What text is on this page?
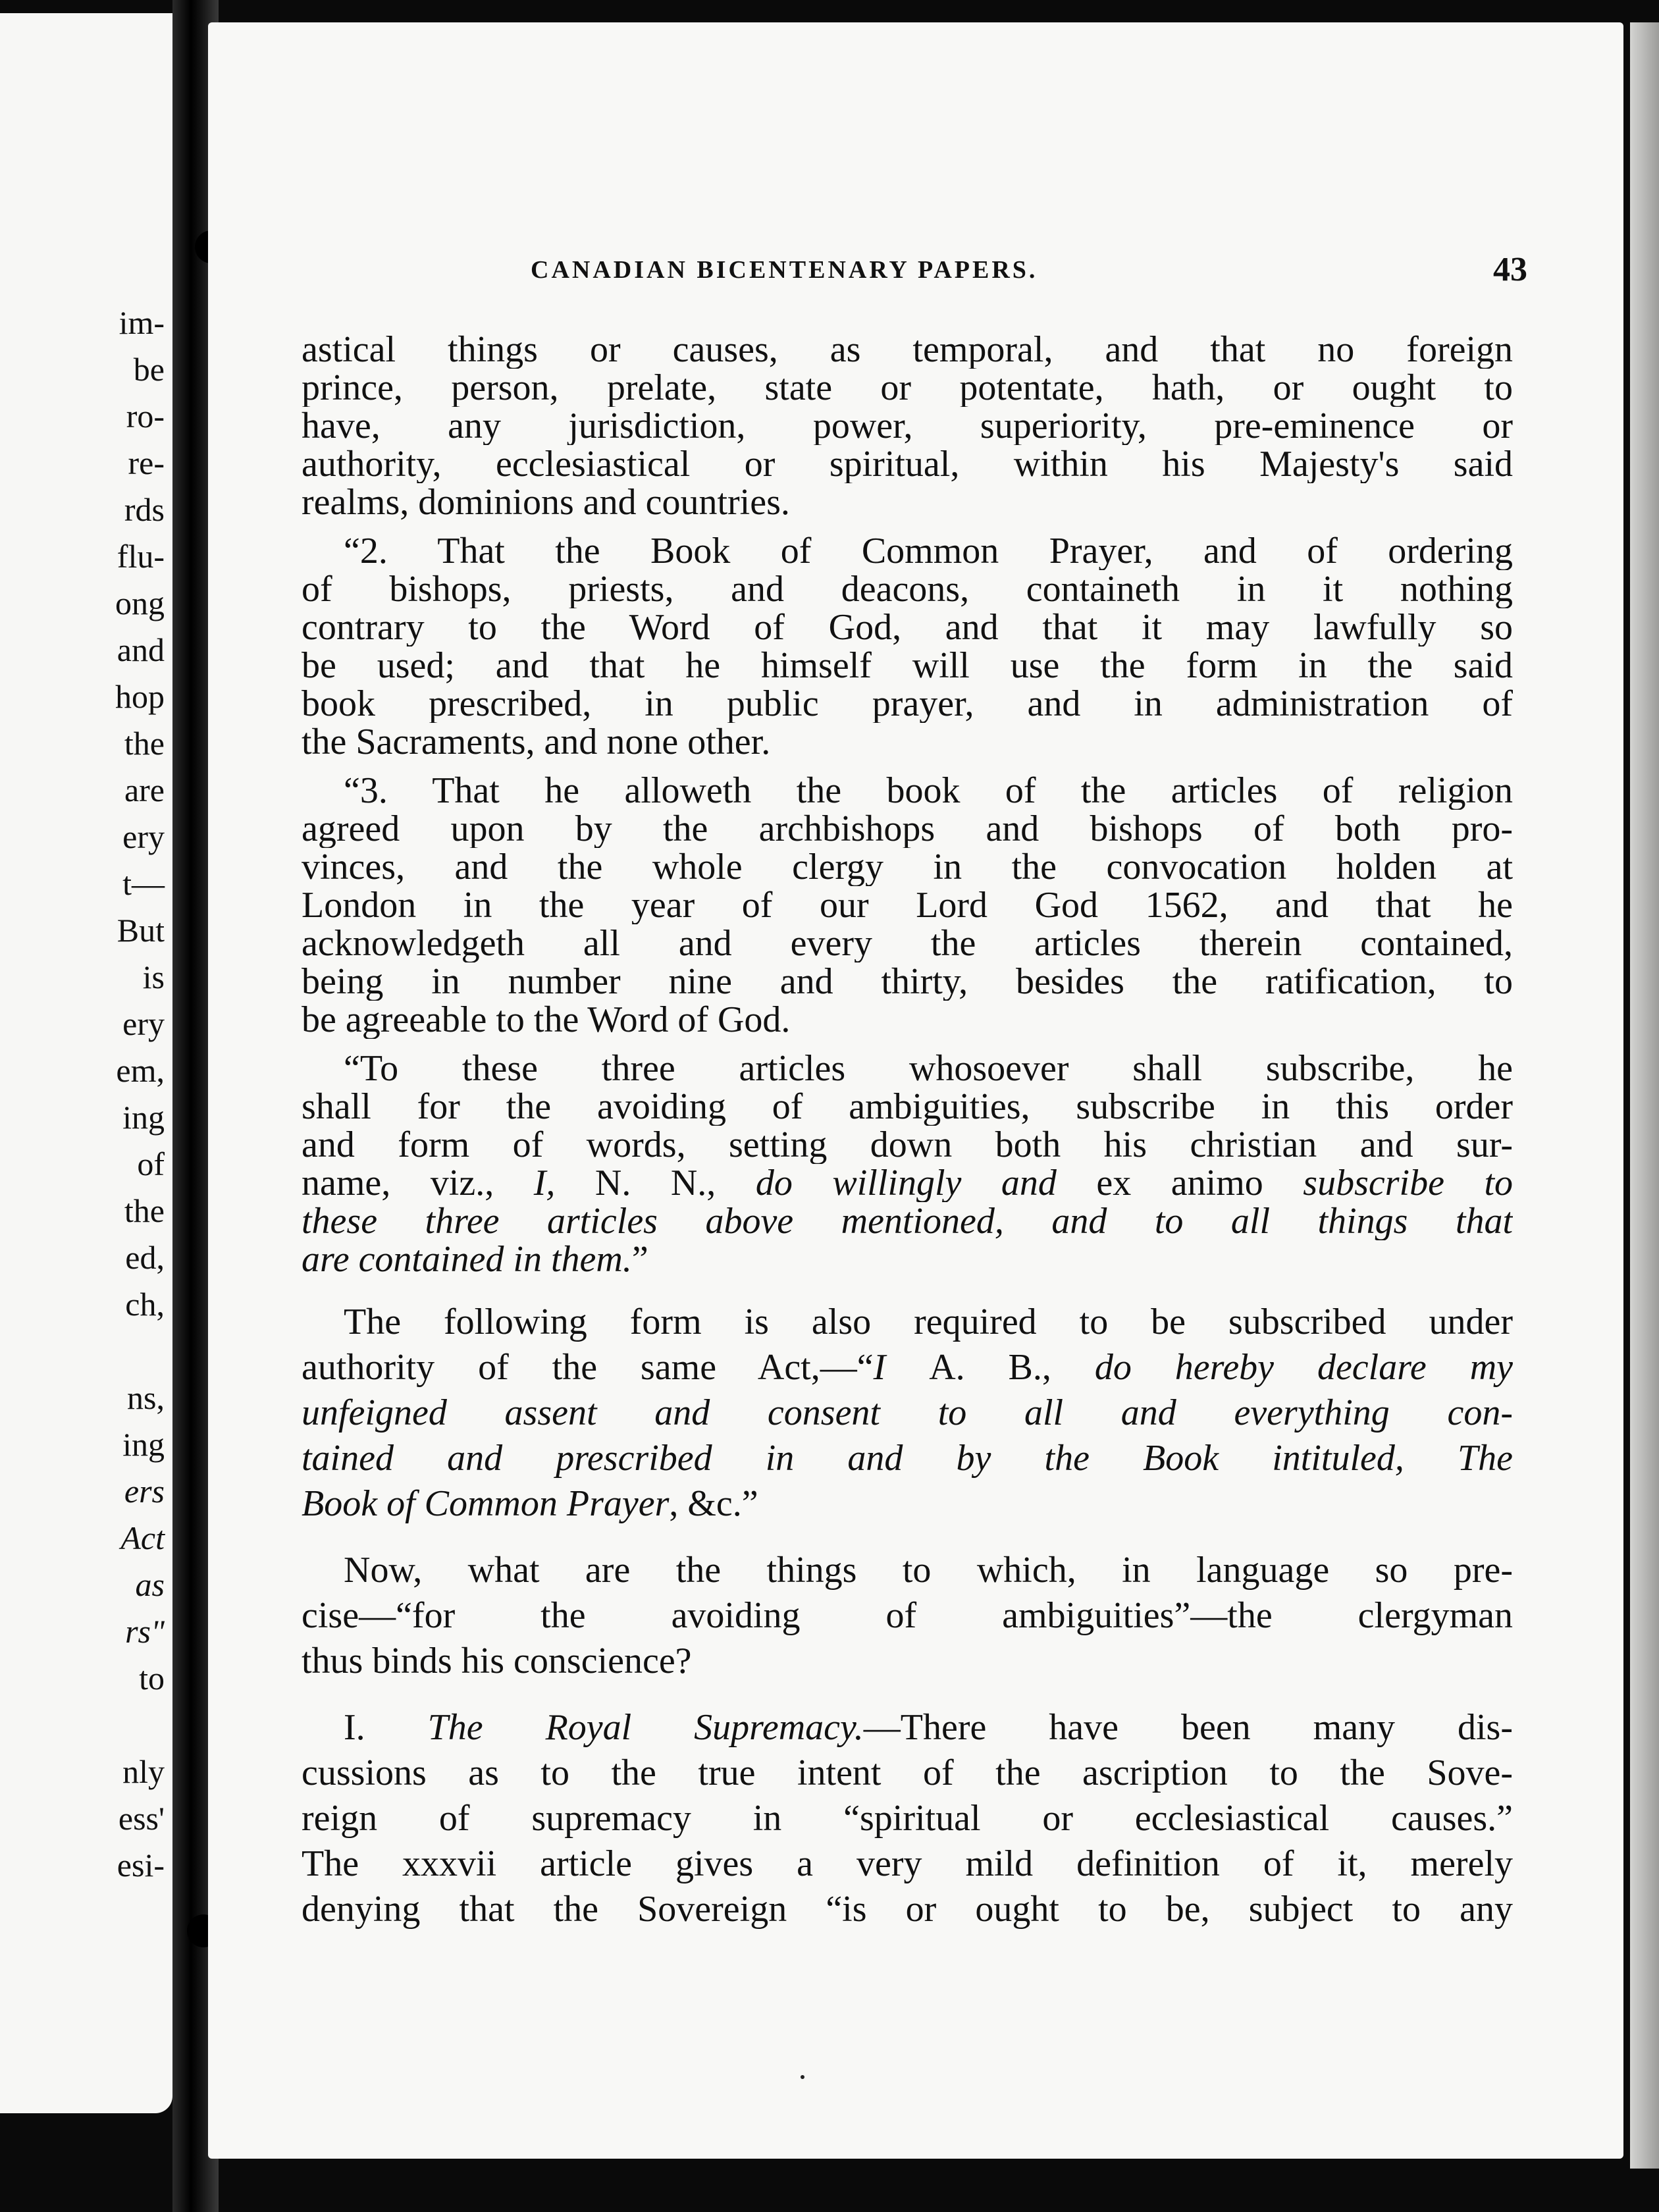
im-
be
ro-
re-
rds
flu-
ong
and
hop
the
are
ery
t—
But
is
ery
em,
ing
of
the
ed,
ch,
ns,
ing
ers
Act
as
rs"
to
nly
ess'
esi-
CANADIAN BICENTENARY PAPERS.	43
astical things or causes, as temporal, and that no foreign
prince, person, prelate, state or potentate, hath, or ought to
have, any jurisdiction, power, superiority, pre-eminence or
authority, ecclesiastical or spiritual, within his Majesty's said
realms, dominions and countries.
“2. That the Book of Common Prayer, and of ordering
of bishops, priests, and deacons, containeth in it nothing
contrary to the Word of God, and that it may lawfully so
be used; and that he himself will use the form in the said
book prescribed, in public prayer, and in administration of
the Sacraments, and none other.
“3. That he alloweth the book of the articles of religion
agreed upon by the archbishops and bishops of both pro-
vinces, and the whole clergy in the convocation holden at
London in the year of our Lord God 1562, and that he
acknowledgeth all and every the articles therein contained,
being in number nine and thirty, besides the ratification, to
be agreeable to the Word of God.
“To these three articles whosoever shall subscribe, he
shall for the avoiding of ambiguities, subscribe in this order
and form of words, setting down both his christian and sur-
name, viz., I, N. N., do willingly and ex animo subscribe to
these three articles above mentioned, and to all things that
are contained in them.”
The following form is also required to be subscribed under
authority of the same Act,—“I A. B., do hereby declare my
unfeigned assent and consent to all and everything con-
tained and prescribed in and by the Book intituled, The
Book of Common Prayer, &c.”
Now, what are the things to which, in language so pre-
cise—“for the avoiding of ambiguities”—the clergyman
thus binds his conscience?
I. The Royal Supremacy.—There have been many dis-
cussions as to the true intent of the ascription to the Sove-
reign of supremacy in “spiritual or ecclesiastical causes.”
The xxxvii article gives a very mild definition of it, merely
denying that the Sovereign “is or ought to be, subject to any
